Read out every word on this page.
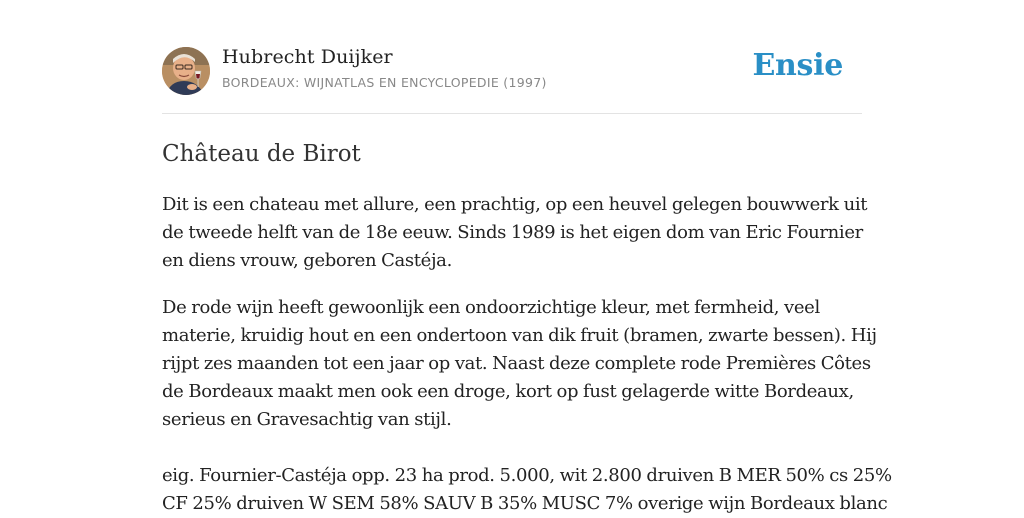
Hubrecht Duijker
BORDEAUX: WIJNATLAS EN ENCYCLOPEDIE (1997)	Ensie
Château de Birot

Dit is een chateau met allure, een prachtig, op een heuvel gelegen bouwwerk uit

de tweede helft van de 18e eeuw. Sinds 1989 is het eigen dom van Eric Fournier

en diens vrouw, geboren Castéja.

De rode wijn heeft gewoonlijk een ondoorzichtige kleur, met fermheid, veel

materie, kruidig hout en een ondertoon van dik fruit (bramen, zwarte bessen). Hij

rijpt zes maanden tot een jaar op vat. Naast deze complete rode Premières Côtes

de Bordeaux maakt men ook een droge, kort op fust gelagerde witte Bordeaux,

serieus en Gravesachtig van stijl.

eig. Fournier-Castéja opp. 23 ha prod. 5.000, wit 2.800 druiven B MER 50% cs 25%

CF 25% druiven W SEM 58% SAUV B 35% MUSC 7% overige wijn Bordeaux blanc
